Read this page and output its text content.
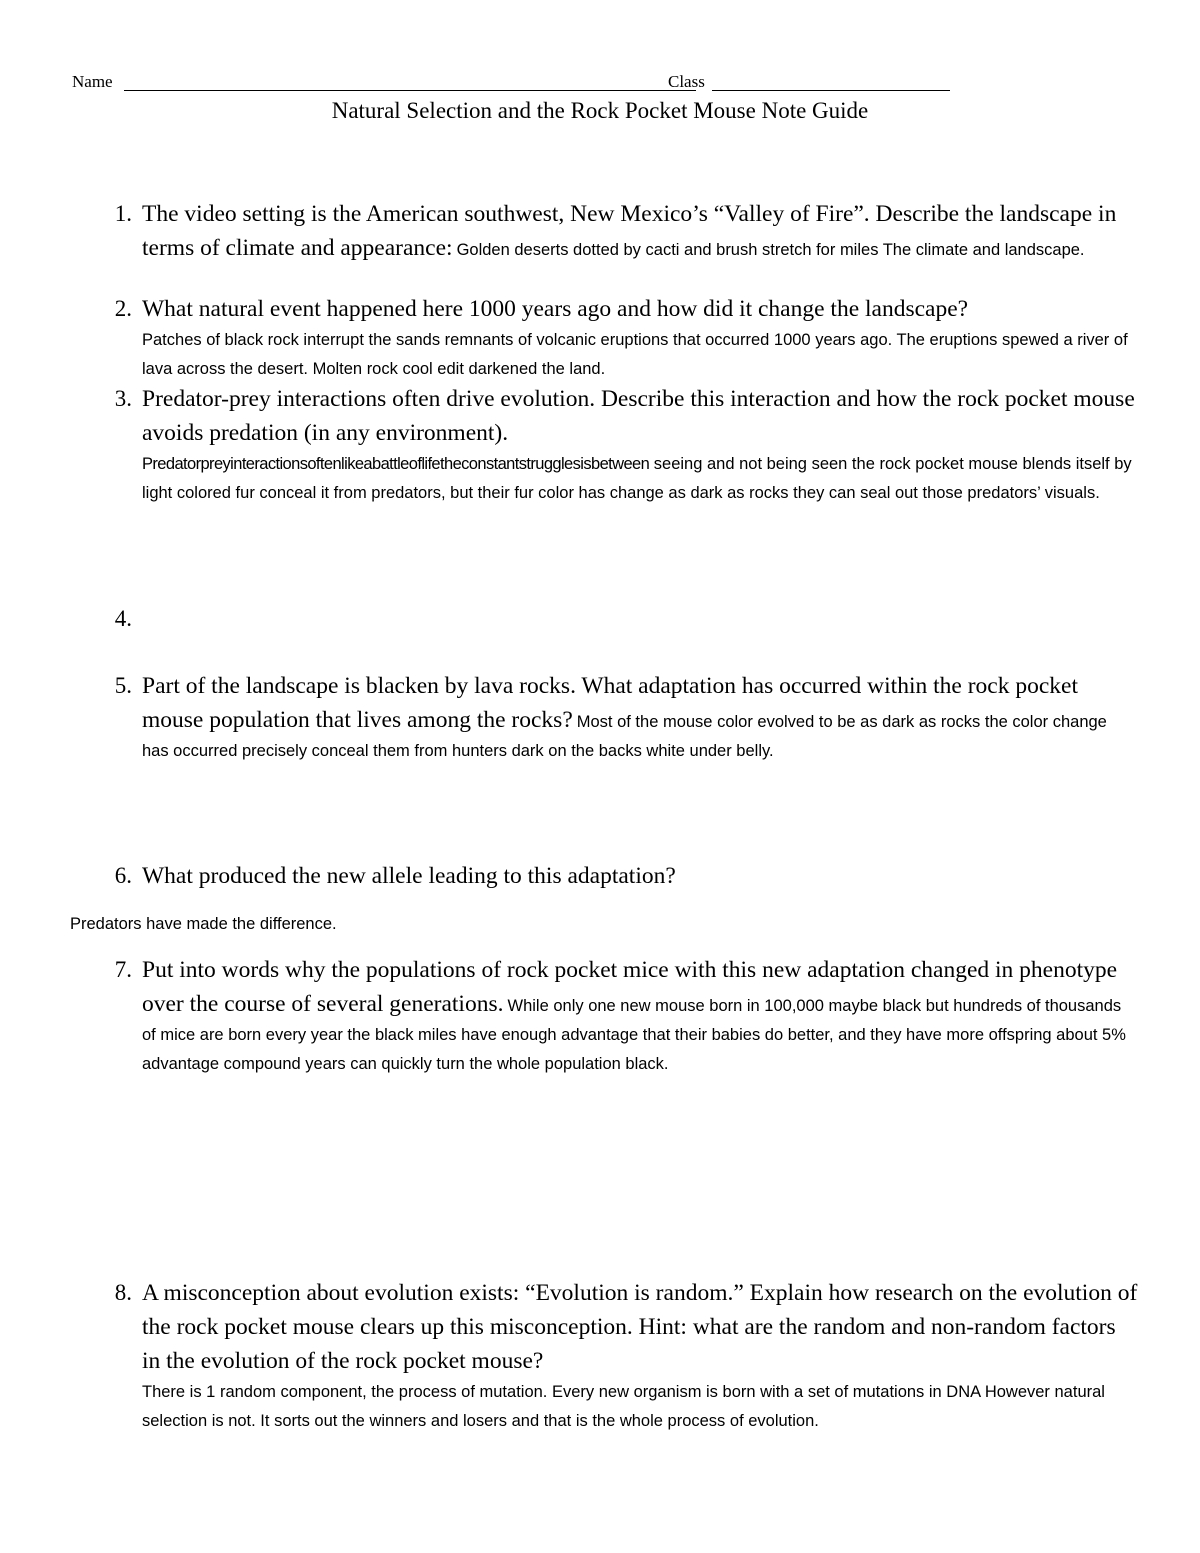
Name	Class
Natural Selection and the Rock Pocket Mouse Note Guide
1. The video setting is the American southwest, New Mexico’s “Valley of Fire”. Describe the landscape in terms of climate and appearance: Golden deserts dotted by cacti and brush stretch for miles The climate and landscape.
2. What natural event happened here 1000 years ago and how did it change the landscape?
Patches of black rock interrupt the sands remnants of volcanic eruptions that occurred 1000 years ago. The eruptions spewed a river of lava across the desert. Molten rock cool edit darkened the land.
3. Predator-prey interactions often drive evolution. Describe this interaction and how the rock pocket mouse avoids predation (in any environment).
Predatorpreyinteractionsoftenlikeabattleoflifetheconstantstrugglesisbetween seeing and not being seen the rock pocket mouse blends itself by light colored fur conceal it from predators, but their fur color has change as dark as rocks they can seal out those predators’ visuals.
4.
5. Part of the landscape is blacken by lava rocks. What adaptation has occurred within the rock pocket mouse population that lives among the rocks? Most of the mouse color evolved to be as dark as rocks the color change has occurred precisely conceal them from hunters dark on the backs white under belly.
6. What produced the new allele leading to this adaptation?
Predators have made the difference.
7. Put into words why the populations of rock pocket mice with this new adaptation changed in phenotype over the course of several generations. While only one new mouse born in 100,000 maybe black but hundreds of thousands of mice are born every year the black miles have enough advantage that their babies do better, and they have more offspring about 5% advantage compound years can quickly turn the whole population black.
8. A misconception about evolution exists: “Evolution is random.” Explain how research on the evolution of the rock pocket mouse clears up this misconception. Hint: what are the random and non-random factors in the evolution of the rock pocket mouse?
There is 1 random component, the process of mutation. Every new organism is born with a set of mutations in DNA However natural selection is not. It sorts out the winners and losers and that is the whole process of evolution.
